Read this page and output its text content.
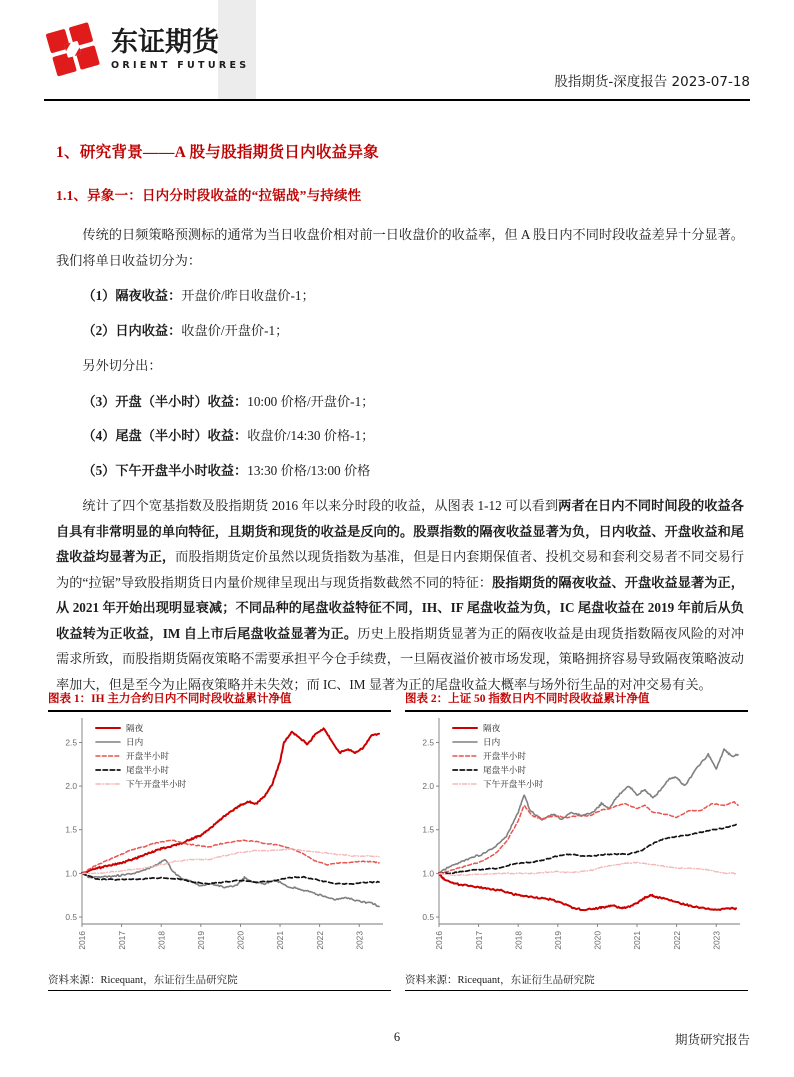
东证期货
ORIENT FUTURES
股指期货-深度报告 2023-07-18
1、研究背景——A 股与股指期货日内收益异象
1.1、异象一：日内分时段收益的“拉锯战”与持续性

传统的日频策略预测标的通常为当日收盘价相对前一日收盘价的收益率，但 A 股日内不同时段收益差异十分显著。我们将单日收益切分为：

（1）隔夜收益：开盘价/昨日收盘价-1；

（2）日内收益：收盘价/开盘价-1；

另外切分出：

（3）开盘（半小时）收益：10:00 价格/开盘价-1；

（4）尾盘（半小时）收益：收盘价/14:30 价格-1；

（5）下午开盘半小时收益：13:30 价格/13:00 价格

统计了四个宽基指数及股指期货 2016 年以来分时段的收益，从图表 1-12 可以看到两者在日内不同时间段的收益各自具有非常明显的单向特征，且期货和现货的收益是反向的。股票指数的隔夜收益显著为负，日内收益、开盘收益和尾盘收益均显著为正，而股指期货定价虽然以现货指数为基准，但是日内套期保值者、投机交易和套利交易者不同交易行为的“拉锯”导致股指期货日内量价规律呈现出与现货指数截然不同的特征：股指期货的隔夜收益、开盘收益显著为正，从 2021 年开始出现明显衰减；不同品种的尾盘收益特征不同，IH、IF 尾盘收益为负，IC 尾盘收益在 2019 年前后从负收益转为正收益，IM 自上市后尾盘收益显著为正。历史上股指期货显著为正的隔夜收益是由现货指数隔夜风险的对冲需求所致，而股指期货隔夜策略不需要承担平今仓手续费，一旦隔夜溢价被市场发现，策略拥挤容易导致隔夜策略波动率加大，但是至今为止隔夜策略并未失效；而 IC、IM 显著为正的尾盘收益大概率与场外衍生品的对冲交易有关。

图表 1：IH 主力合约日内不同时段收益累计净值
0.5
1.0
1.5
2.0
2.5
2016	2017	2018	2019	2020	2021	2022	2023
隔夜
日内
开盘半小时
尾盘半小时
下午开盘半小时
资料来源：Ricequant，东证衍生品研究院
图表 2：上证 50 指数日内不同时段收益累计净值
0.5
1.0
1.5
2.0
2.5
2016	2017	2018	2019	2020	2021	2022	2023
隔夜
日内
开盘半小时
尾盘半小时
下午开盘半小时
资料来源：Ricequant，东证衍生品研究院
6	期货研究报告
